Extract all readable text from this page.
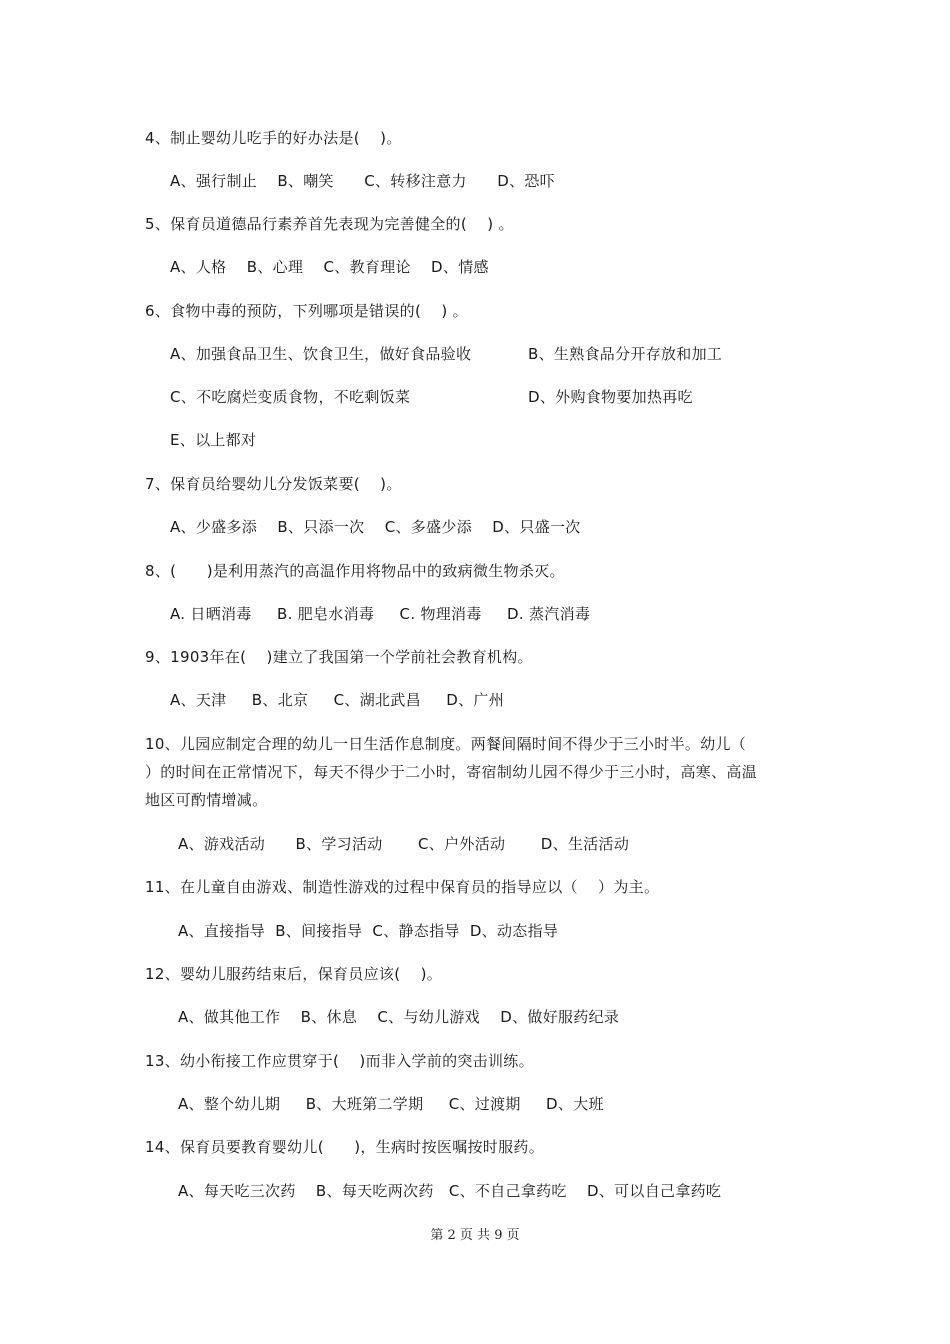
4、制止婴幼儿吃手的好办法是(    )。
A、强行制止    B、嘲笑      C、转移注意力      D、恐吓
5、保育员道德品行素养首先表现为完善健全的(    ) 。
A、人格    B、心理    C、教育理论    D、情感
6、食物中毒的预防，下列哪项是错误的(    ) 。
A、加强食品卫生、饮食卫生，做好食品验收	B、生熟食品分开存放和加工
C、不吃腐烂变质食物，不吃剩饭菜	D、外购食物要加热再吃
E、以上都对
7、保育员给婴幼儿分发饭菜要(    )。
A、少盛多添    B、只添一次    C、多盛少添    D、只盛一次
8、(      )是利用蒸汽的高温作用将物品中的致病微生物杀灭。
A. 日晒消毒     B. 肥皂水消毒     C. 物理消毒     D. 蒸汽消毒
9、1903年在(    )建立了我国第一个学前社会教育机构。
A、天津     B、北京     C、湖北武昌     D、广州
10、儿园应制定合理的幼儿一日生活作息制度。两餐间隔时间不得少于三小时半。幼儿（
）的时间在正常情况下，每天不得少于二小时，寄宿制幼儿园不得少于三小时，高寒、高温
地区可酌情增减。
A、游戏活动      B、学习活动       C、户外活动       D、生活活动
11、在儿童自由游戏、制造性游戏的过程中保育员的指导应以（    ）为主。
A、直接指导  B、间接指导  C、静态指导  D、动态指导
12、婴幼儿服药结束后，保育员应该(    )。
A、做其他工作    B、休息    C、与幼儿游戏    D、做好服药纪录
13、幼小衔接工作应贯穿于(    )而非入学前的突击训练。
A、整个幼儿期     B、大班第二学期     C、过渡期     D、大班
14、保育员要教育婴幼儿(      )，生病时按医嘱按时服药。
A、每天吃三次药    B、每天吃两次药   C、不自己拿药吃    D、可以自己拿药吃
第 2 页 共 9 页
